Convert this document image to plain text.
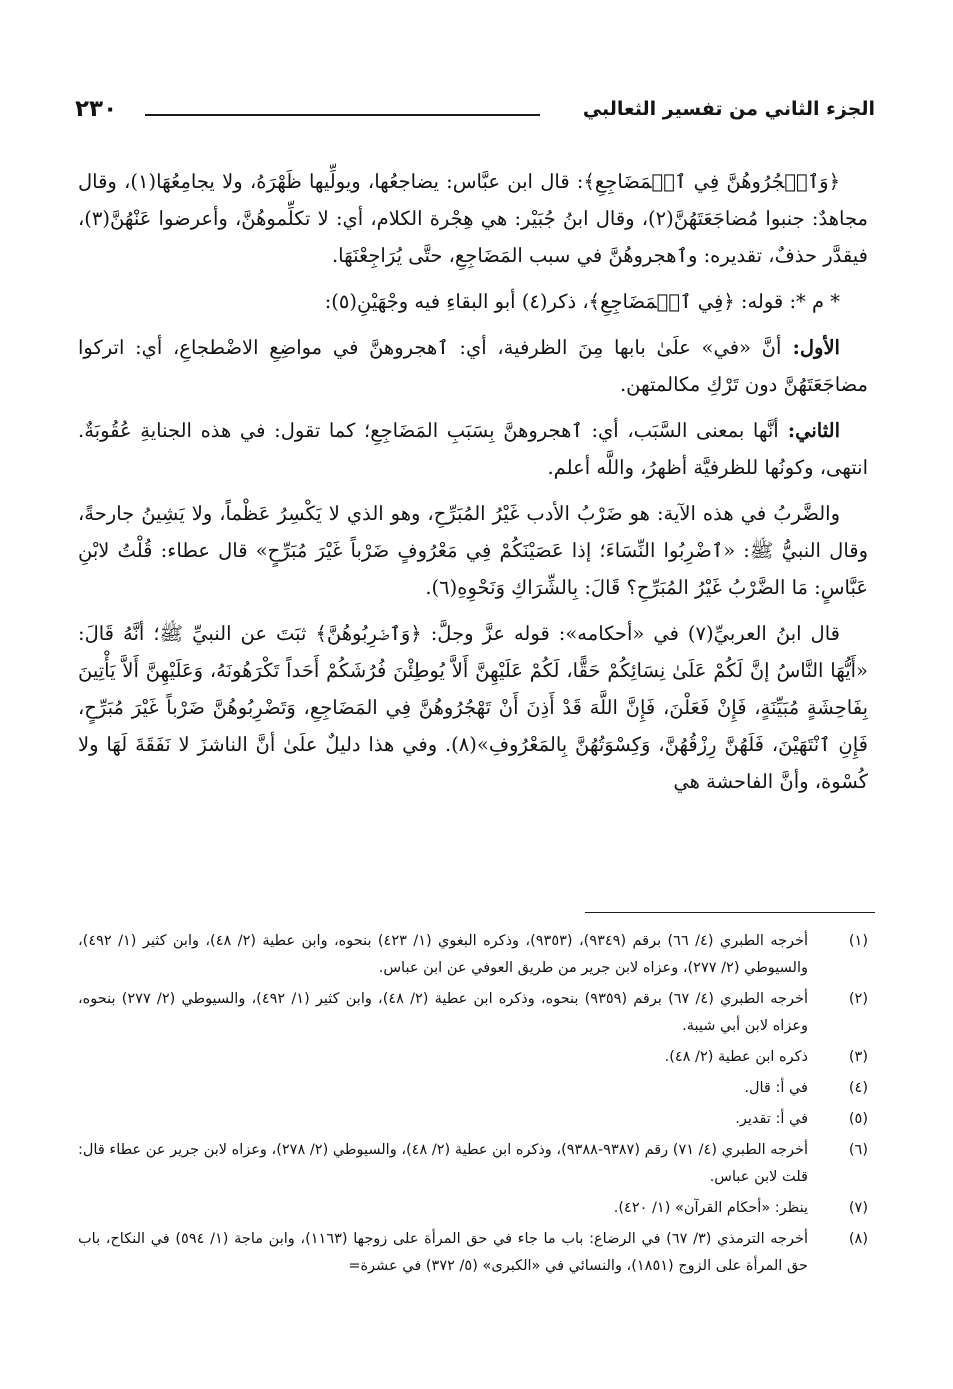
٢٣٠	الجزء الثاني من تفسير الثعالبي

﴿وَٱهۡجُرُوهُنَّ فِي ٱلۡمَضَاجِعِ﴾: قال ابن عبَّاس: يضاجعُها، ويولِّيها ظَهْرَهُ، ولا يجامِعُهَا(١)، وقال مجاهدٌ: جنبوا مُضاجَعَتَهُنَّ(٢)، وقال ابنُ جُبَيْر: هي هِجْرة الكلام، أي: لا تكلِّموهُنَّ، وأعرضوا عَنْهُنَّ(٣)، فيقدَّر حذفٌ، تقديره: وٱهجروهُنَّ في سبب المَضَاجِعِ، حتَّى يُرَاجِعْنَهَا.

* م *: قوله: ﴿فِي ٱلۡمَضَاجِعِ﴾، ذكر(٤) أبو البقاءِ فيه وجْهَيْنِ(٥):

الأول: أنَّ «في» علَىٰ بابها مِنَ الظرفية، أي: ٱهجروهنَّ في مواضِعِ الاضْطجاعِ، أي: اتركوا مضاجَعَتَهُنَّ دون تَرْكِ مكالمتهن.

الثاني: أنَّها بمعنى السَّبَب، أي: ٱهجروهنَّ بِسَبَبِ المَضَاجِعِ؛ كما تقول: في هذه الجنايةِ عُقُوبَةٌ. انتهى، وكونُها للظرفيَّة أظهرُ، واللَّه أعلم.

والضَّربُ في هذه الآية: هو ضَرْبُ الأدب غَيْرُ المُبَرِّحِ، وهو الذي لا يَكْسِرُ عَظْماً، ولا يَشِينُ جارحةً، وقال النبيُّ ﷺ: «ٱضْرِبُوا النِّسَاءَ؛ إذا عَصَيْنَكُمْ فِي مَعْرُوفٍ ضَرْباً غَيْرَ مُبَرِّحٍ» قال عطاء: قُلْتُ لابْنِ عَبَّاسٍ: مَا الضَّرْبُ غَيْرُ المُبَرِّحِ؟ قَالَ: بِالشِّرَاكِ وَنَحْوِهِ(٦).

قال ابنُ العربيِّ(٧) في «أحكامه»: قوله عزَّ وجلَّ: ﴿وَٱضۡرِبُوهُنَّ﴾ ثبَتَ عن النبيِّ ﷺ؛ أنَّهُ قَالَ: «أَيُّهَا النَّاسُ إنَّ لَكُمْ عَلَىٰ نِسَائِكُمْ حَقًّا، لَكُمْ عَلَيْهِنَّ أَلاَّ يُوطِئْنَ فُرُشَكُمْ أَحَداً تَكْرَهُونَهُ، وَعَلَيْهِنَّ أَلاَّ يَأْتِينَ بِفَاحِشَةٍ مُبَيِّنَةٍ، فَإِنْ فَعَلْنَ، فَإِنَّ اللَّهَ قَدْ أَذِنَ أَنْ تَهْجُرُوهُنَّ فِي المَضَاجِعِ، وَتَضْرِبُوهُنَّ ضَرْباً غَيْرَ مُبَرِّحٍ، فَإِنِ ٱنْتَهَيْنَ، فَلَهُنَّ رِزْقُهُنَّ، وَكِسْوَتُهُنَّ بِالمَعْرُوفِ»(٨). وفي هذا دليلٌ علَىٰ أنَّ الناشزَ لا نَفَقَةَ لَهَا ولا كُسْوة، وأنَّ الفاحشة هي

(١)
أخرجه الطبري (٤/ ٦٦) برقم (٩٣٤٩)، (٩٣٥٣)، وذكره البغوي (١/ ٤٢٣) بنحوه، وابن عطية (٢/ ٤٨)، وابن كثير (١/ ٤٩٢)، والسيوطي (٢/ ٢٧٧)، وعزاه لابن جرير من طريق العوفي عن ابن عباس.
(٢)
أخرجه الطبري (٤/ ٦٧) برقم (٩٣٥٩) بنحوه، وذكره ابن عطية (٢/ ٤٨)، وابن كثير (١/ ٤٩٢)، والسيوطي (٢/ ٢٧٧) بنحوه، وعزاه لابن أبي شيبة.
(٣)
ذكره ابن عطية (٢/ ٤٨).
(٤)
في أ: قال.
(٥)
في أ: تقدير.
(٦)
أخرجه الطبري (٤/ ٧١) رقم (٩٣٨٧-٩٣٨٨)، وذكره ابن عطية (٢/ ٤٨)، والسيوطي (٢/ ٢٧٨)، وعزاه لابن جرير عن عطاء قال: قلت لابن عباس.
(٧)
ينظر: «أحكام القرآن» (١/ ٤٢٠).
(٨)
أخرجه الترمذي (٣/ ٦٧) في الرضاع: باب ما جاء في حق المرأة على زوجها (١١٦٣)، وابن ماجة (١/ ٥٩٤) في النكاح، باب حق المرأة على الزوج (١٨٥١)، والنسائي في «الكبرى» (٥/ ٣٧٢) في عشرة=
